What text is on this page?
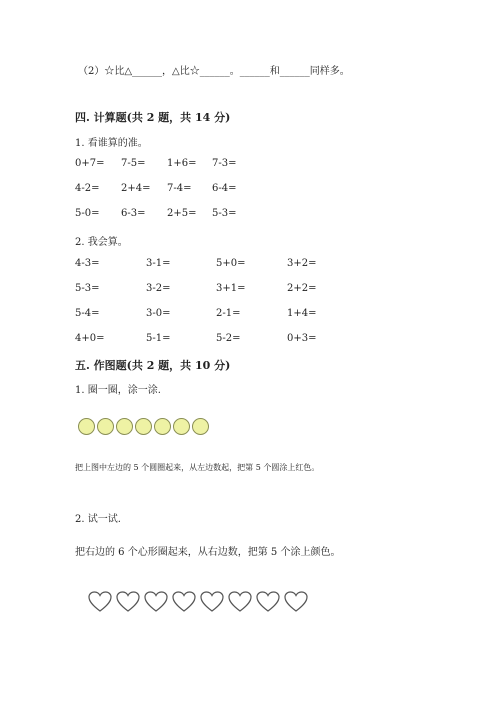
（2）☆比△______，△比☆______。______和______同样多。
四. 计算题(共 2 题，共 14 分)
1. 看谁算的准。
0+7= 7-5= 1+6= 7-3=
4-2= 2+4= 7-4= 6-4=
5-0= 6-3= 2+5= 5-3=
2. 我会算。
4-3=	3-1=	5+0=	3+2=
5-3=	3-2=	3+1=	2+2=
5-4=	3-0=	2-1=	1+4=
4+0=	5-1=	5-2=	0+3=
五. 作图题(共 2 题，共 10 分)
1. 圈一圈，涂一涂.
把上图中左边的 5 个圆圈起来，从左边数起，把第 5 个圆涂上红色。
2. 试一试.
把右边的 6 个心形圈起来，从右边数，把第 5 个涂上颜色。
